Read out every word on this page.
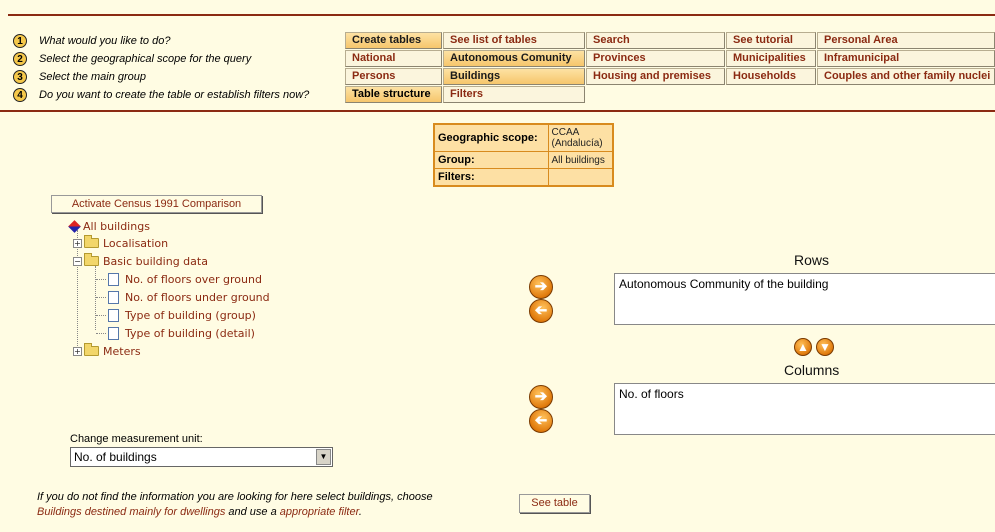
1	What would you like to do?
2	Select the geographical scope for the query
3	Select the main group
4	Do you want to create the table or establish filters now?
Create tables	See list of tables	Search	See tutorial	Personal Area
National	Autonomous Comunity	Provinces	Municipalities	Inframunicipal
Persons	Buildings	Housing and premises	Households	Couples and other family nuclei
Table structure	Filters
Geographic scope:	CCAA
(Andalucía)

Group:	All buildings
Filters:	
Activate Census 1991 Comparison
All buildings
+ Localisation
− Basic building data
No. of floors over ground
No. of floors under ground
Type of building (group)
Type of building (detail)
+ Meters
Change measurement unit:
No. of buildings	▼
If you do not find the information you are looking for here select buildings, choose
Buildings destined mainly for dwellings and use a appropriate filter.
See table
Rows
➔
➔
Autonomous Community of the building
▲ ▼
Columns
➔
➔
No. of floors
